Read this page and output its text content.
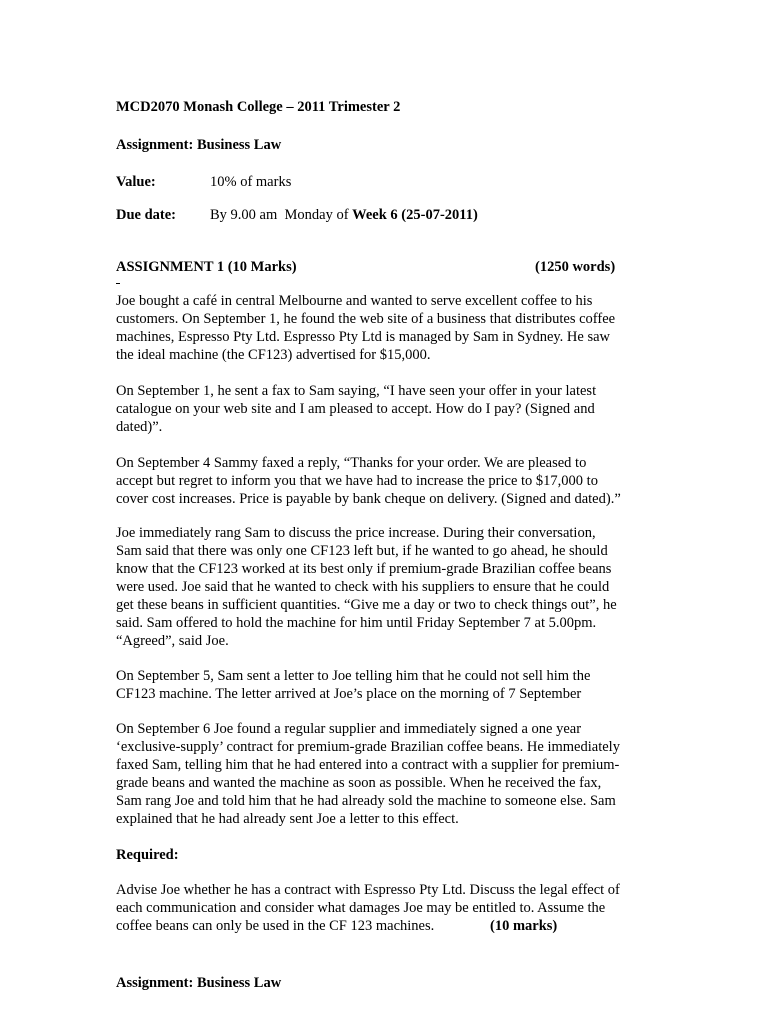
MCD2070 Monash College – 2011 Trimester 2
Assignment: Business Law
Value:	10% of marks
Due date: By 9.00 am  Monday of Week 6 (25-07-2011)
ASSIGNMENT 1 (10 Marks)	(1250 words)

Joe bought a café in central Melbourne and wanted to serve excellent coffee to his

customers. On September 1, he found the web site of a business that distributes coffee

machines, Espresso Pty Ltd. Espresso Pty Ltd is managed by Sam in Sydney. He saw

the ideal machine (the CF123) advertised for $15,000.

On September 1, he sent a fax to Sam saying, “I have seen your offer in your latest

catalogue on your web site and I am pleased to accept. How do I pay? (Signed and

dated)”.

On September 4 Sammy faxed a reply, “Thanks for your order. We are pleased to

accept but regret to inform you that we have had to increase the price to $17,000 to

cover cost increases. Price is payable by bank cheque on delivery. (Signed and dated).”

Joe immediately rang Sam to discuss the price increase. During their conversation,

Sam said that there was only one CF123 left but, if he wanted to go ahead, he should

know that the CF123 worked at its best only if premium-grade Brazilian coffee beans

were used. Joe said that he wanted to check with his suppliers to ensure that he could

get these beans in sufficient quantities. “Give me a day or two to check things out”, he

said. Sam offered to hold the machine for him until Friday September 7 at 5.00pm.

“Agreed”, said Joe.

On September 5, Sam sent a letter to Joe telling him that he could not sell him the

CF123 machine. The letter arrived at Joe’s place on the morning of 7 September

On September 6 Joe found a regular supplier and immediately signed a one year

‘exclusive-supply’ contract for premium-grade Brazilian coffee beans. He immediately

faxed Sam, telling him that he had entered into a contract with a supplier for premium-

grade beans and wanted the machine as soon as possible. When he received the fax,

Sam rang Joe and told him that he had already sold the machine to someone else. Sam

explained that he had already sent Joe a letter to this effect.

Required:

Advise Joe whether he has a contract with Espresso Pty Ltd. Discuss the legal effect of

each communication and consider what damages Joe may be entitled to. Assume the

coffee beans can only be used in the CF 123 machines.	(10 marks)
Assignment: Business Law
